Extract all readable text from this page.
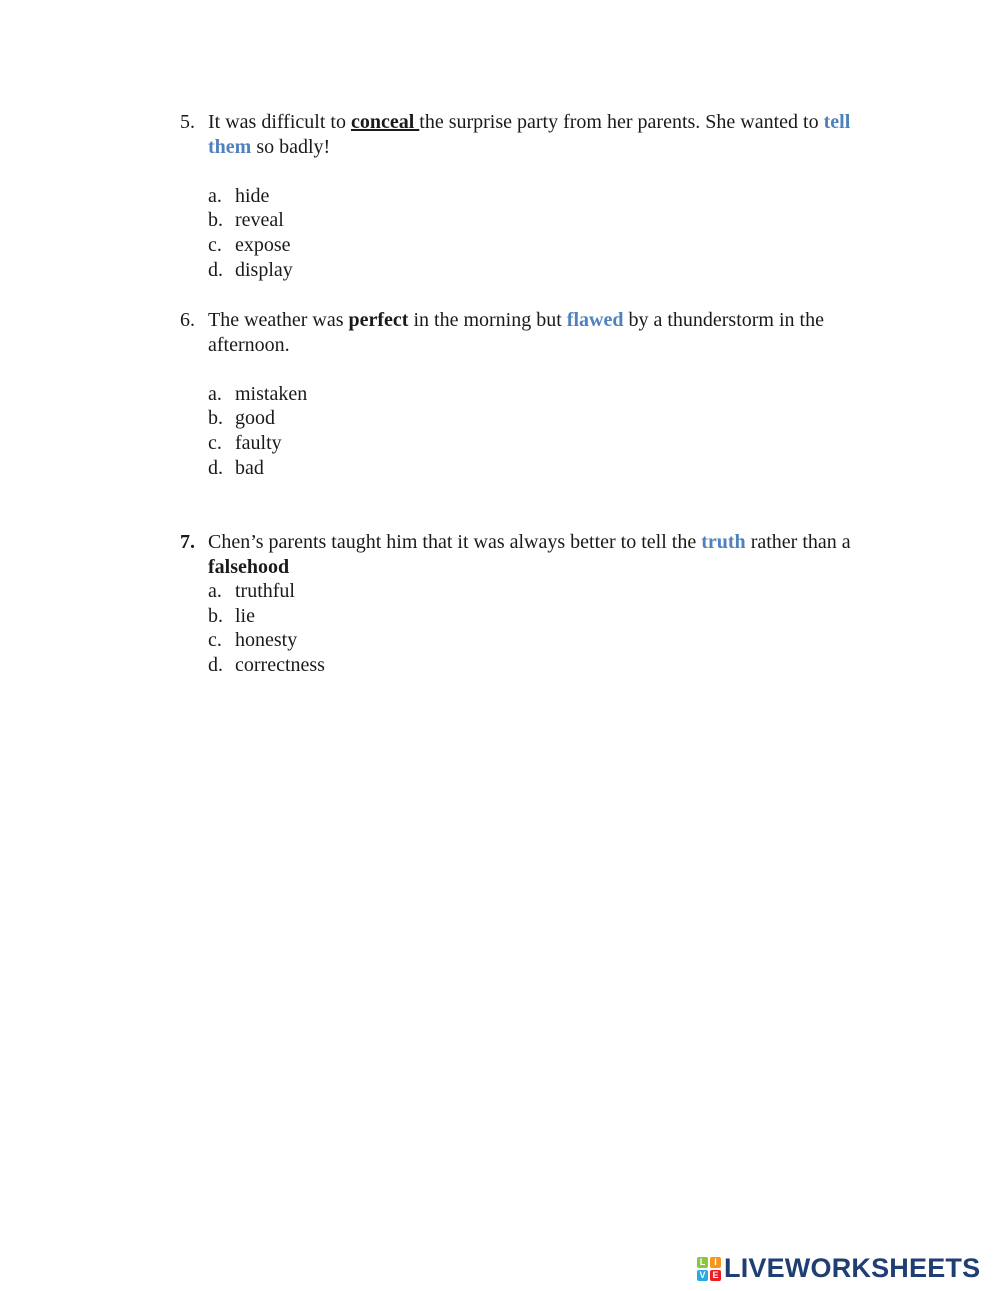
5. It was difficult to conceal the surprise party from her parents. She wanted to tell them so badly!
a. hide
b. reveal
c. expose
d. display
6. The weather was perfect in the morning but flawed by a thunderstorm in the afternoon.
a. mistaken
b. good
c. faulty
d. bad
7. Chen’s parents taught him that it was always better to tell the truth rather than a falsehood
a. truthful
b. lie
c. honesty
d. correctness
L I
V E LIVEWORKSHEETS
